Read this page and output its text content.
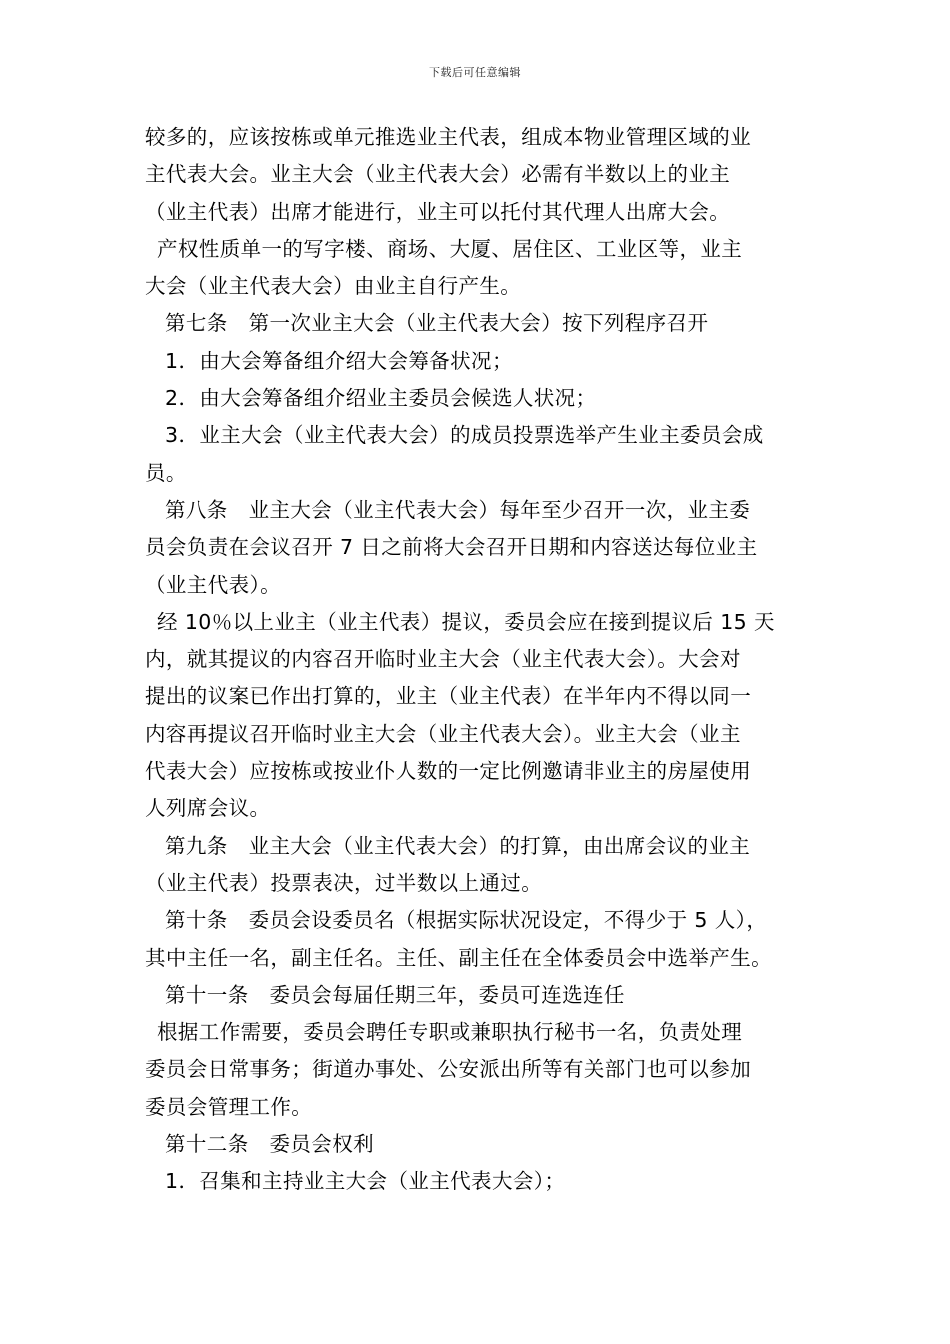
下载后可任意编辑
较多的，应该按栋或单元推选业主代表，组成本物业管理区域的业
主代表大会。业主大会（业主代表大会）必需有半数以上的业主
（业主代表）出席才能进行，业主可以托付其代理人出席大会。
产权性质单一的写字楼、商场、大厦、居住区、工业区等，业主
大会（业主代表大会）由业主自行产生。
第七条　第一次业主大会（业主代表大会）按下列程序召开
1．由大会筹备组介绍大会筹备状况；
2．由大会筹备组介绍业主委员会候选人状况；
3．业主大会（业主代表大会）的成员投票选举产生业主委员会成
员。
第八条　业主大会（业主代表大会）每年至少召开一次，业主委
员会负责在会议召开 7 日之前将大会召开日期和内容送达每位业主
（业主代表）。
经 10％以上业主（业主代表）提议，委员会应在接到提议后 15 天
内，就其提议的内容召开临时业主大会（业主代表大会）。大会对
提出的议案已作出打算的，业主（业主代表）在半年内不得以同一
内容再提议召开临时业主大会（业主代表大会）。业主大会（业主
代表大会）应按栋或按业仆人数的一定比例邀请非业主的房屋使用
人列席会议。
第九条　业主大会（业主代表大会）的打算，由出席会议的业主
（业主代表）投票表决，过半数以上通过。
第十条　委员会设委员名（根据实际状况设定，不得少于 5 人），
其中主任一名，副主任名。主任、副主任在全体委员会中选举产生。
第十一条　委员会每届任期三年，委员可连选连任
根据工作需要，委员会聘任专职或兼职执行秘书一名，负责处理
委员会日常事务；街道办事处、公安派出所等有关部门也可以参加
委员会管理工作。
第十二条　委员会权利
1．召集和主持业主大会（业主代表大会）；
